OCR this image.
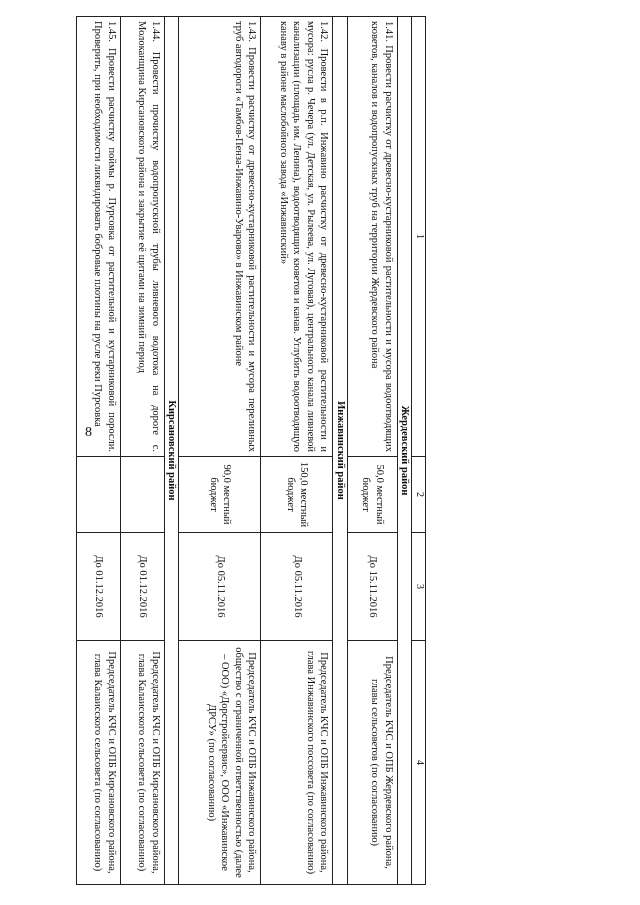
8
1	2	3	4
Жердевский район			
1.41. Провести расчистку от древесно-кустарниковой растительности и мусора водоотводящих кюветов, каналов и водопропускных труб на территории Жердевского района	50,0 местный бюджет	До 15.11.2016	Председатель КЧС и ОПБ Жердевского района, главы сельсоветов (по согласованию)
Инжавинский район			
1.42. Провести в р.п. Инжавино расчистку от древесно-кустарниковой растительности и мусора: русла р. Чечера (ул. Детская, ул. Рылеева, ул. Луговая), центрального канала ливневой канализации (площадь им. Ленина), водоотводящих кюветов и канав. Углубить водоотводящую канаву в районе маслобойного завода «Инжавинский»	150,0 местный бюджет	До 05.11.2016	Председатель КЧС и ОПБ Инжавинского района, глава Инжавинского поссовета (по согласованию)
1.43. Провести расчистку от древесно-кустарниковой растительности и мусора переливных труб автодороги «Тамбов-Пенза-Инжавино-Уварово» в Инжавинском районе	90,0 местный бюджет	До 05.11.2016	Председатель КЧС и ОПБ Инжавинского района, общество с ограниченной ответственностью (далее – ООО) «Дорстройсервис», ООО «Инжавинское ДРСУ» (по согласованию)
Кирсановский район			
1.44. Провести прочистку водопропускной трубы ливневого водотока на дороге с. Молоканщина Кирсановского района и закрытие её щитами на зимний период		До 01.12.2016	Председатель КЧС и ОПБ Кирсановского района, глава Калаисского сельсовета (по согласованию)
1.45. Провести расчистку поймы р. Пурсовка от растительной и кустарниковой поросли. Проверить, при необходимости ликвидировать бобровые плотины на русле реки Пурсовка		До 01.12.2016	Председатель КЧС и ОПБ Кирсановского района, глава Калаисского сельсовета (по согласованию)
